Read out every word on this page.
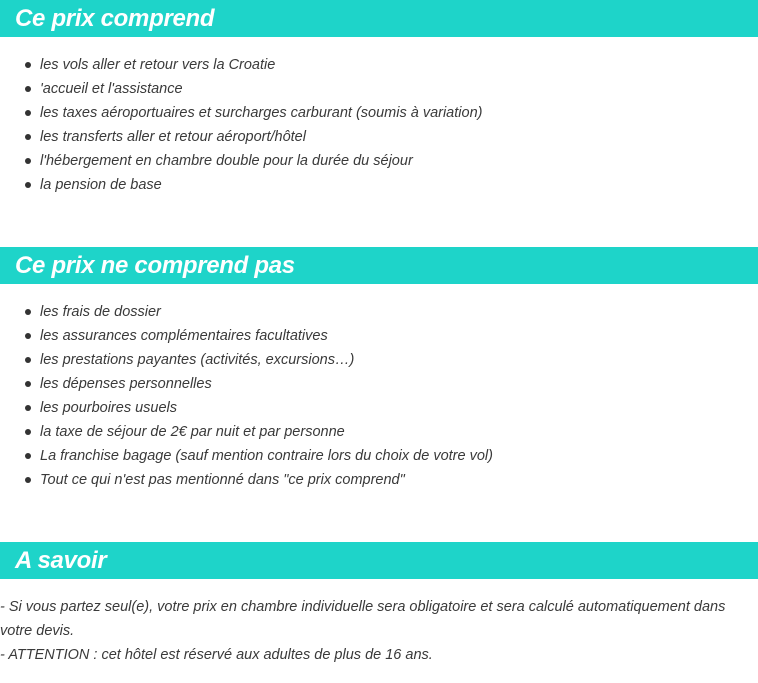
Ce prix comprend
les vols aller et retour vers la Croatie
'accueil et l'assistance
les taxes aéroportuaires et surcharges carburant (soumis à variation)
les transferts aller et retour aéroport/hôtel
l'hébergement en chambre double pour la durée du séjour
la pension de base
Ce prix ne comprend pas
les frais de dossier
les assurances complémentaires facultatives
les prestations payantes (activités, excursions…)
les dépenses personnelles
les pourboires usuels
la taxe de séjour de 2€ par nuit et par personne
La franchise bagage (sauf mention contraire lors du choix de votre vol)
Tout ce qui n'est pas mentionné dans "ce prix comprend"
A savoir

- Si vous partez seul(e), votre prix en chambre individuelle sera obligatoire et sera calculé automatiquement dans votre devis.

- ATTENTION : cet hôtel est réservé aux adultes de plus de 16 ans.
